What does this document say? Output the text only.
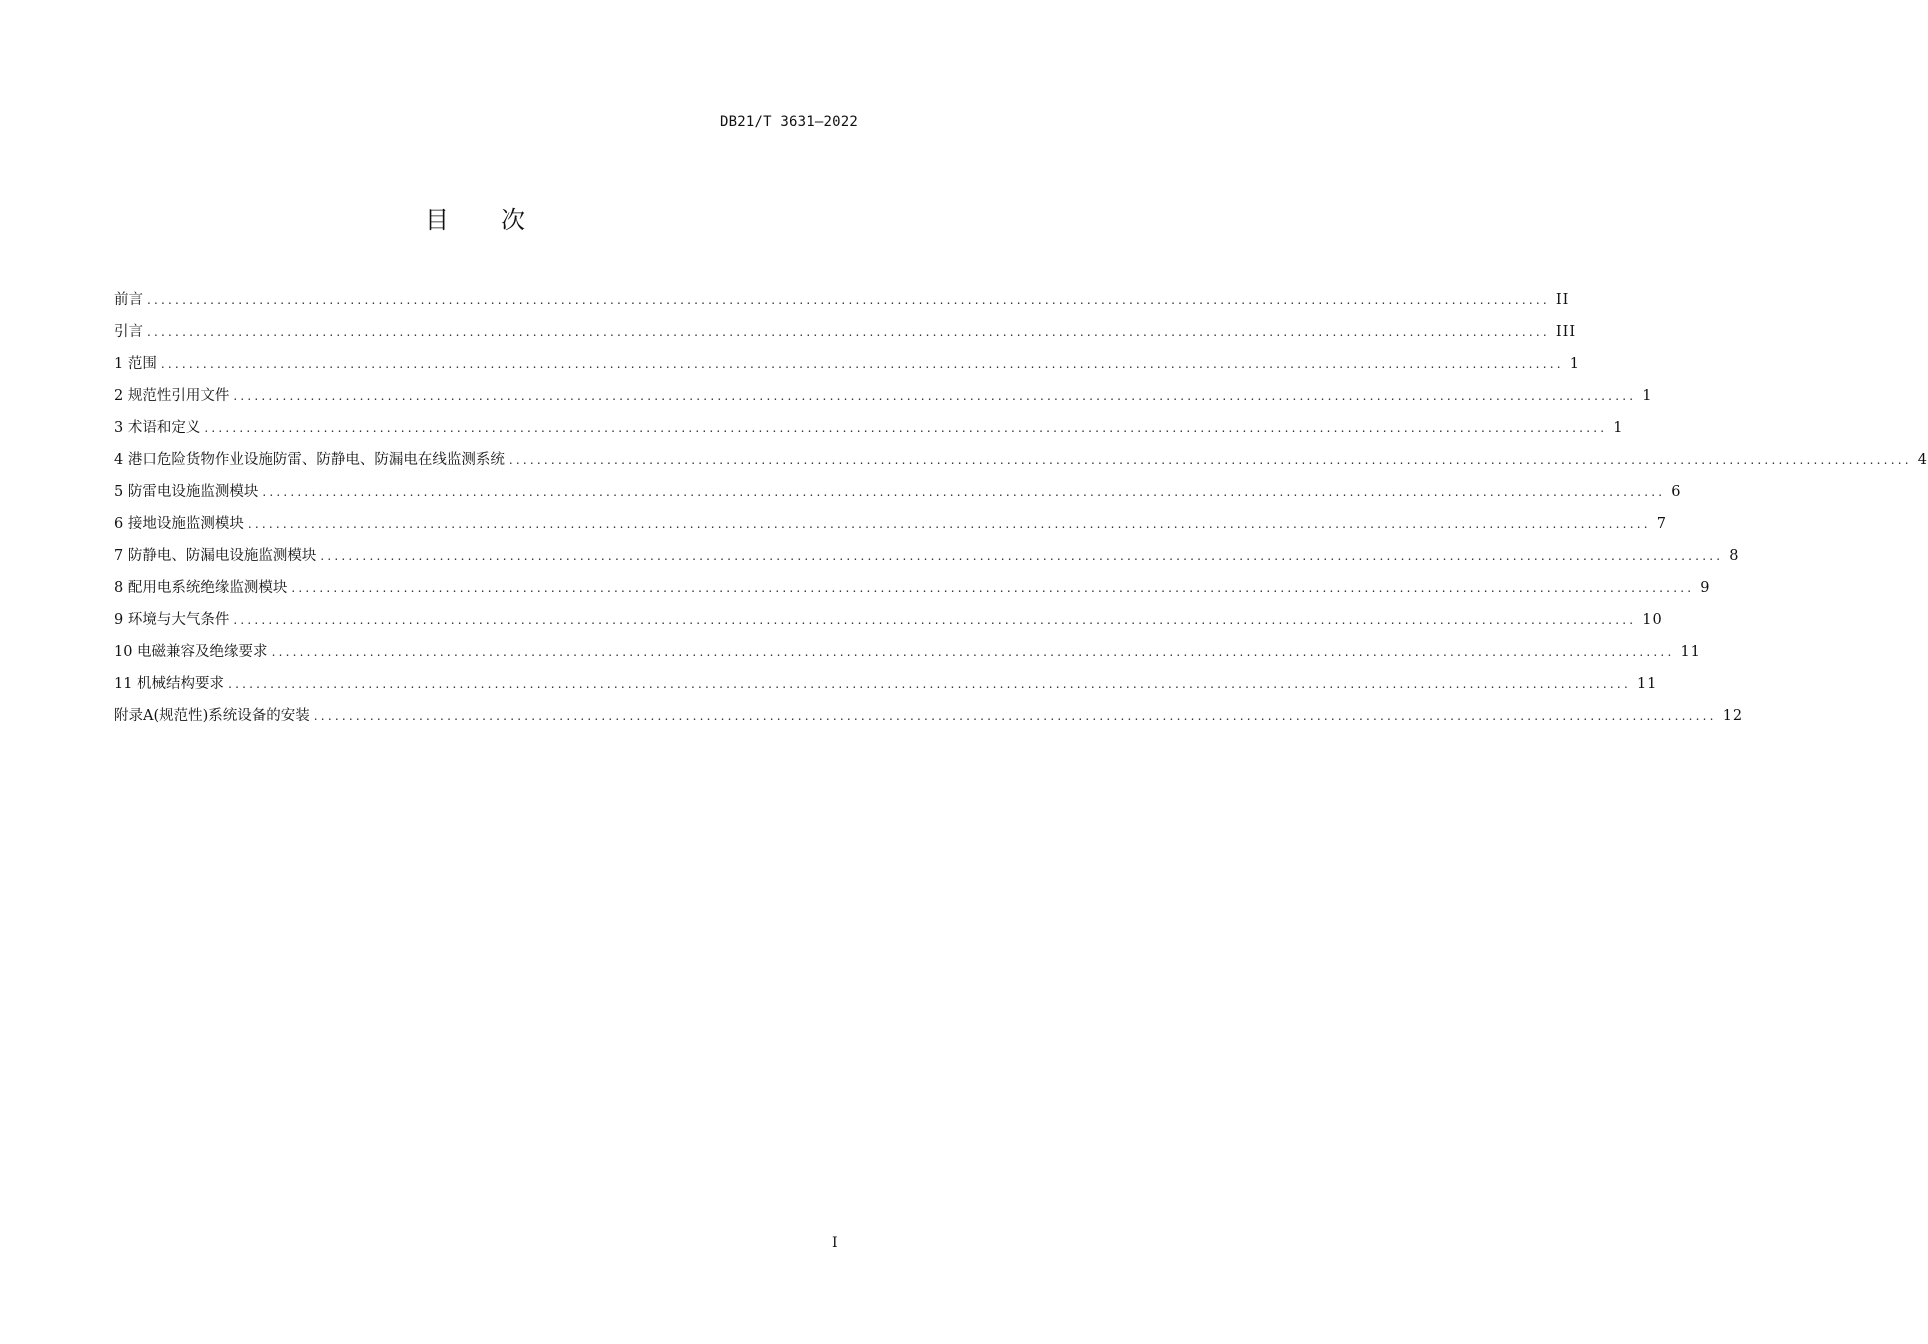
DB21/T 3631—2022
目 次
前言 ........................................................................................................................................................................................................ II
引言 ........................................................................................................................................................................................................ III
1 范围 ........................................................................................................................................................................................................ 1
2 规范性引用文件 ........................................................................................................................................................................................................ 1
3 术语和定义 ........................................................................................................................................................................................................ 1
4 港口危险货物作业设施防雷、防静电、防漏电在线监测系统 ........................................................................................................................................................................................................ 4
5 防雷电设施监测模块 ........................................................................................................................................................................................................ 6
6 接地设施监测模块 ........................................................................................................................................................................................................ 7
7 防静电、防漏电设施监测模块 ........................................................................................................................................................................................................ 8
8 配用电系统绝缘监测模块 ........................................................................................................................................................................................................ 9
9 环境与大气条件 ........................................................................................................................................................................................................ 10
10 电磁兼容及绝缘要求 ........................................................................................................................................................................................................ 11
11 机械结构要求 ........................................................................................................................................................................................................ 11
附录A(规范性)系统设备的安装 ........................................................................................................................................................................................................ 12
I
